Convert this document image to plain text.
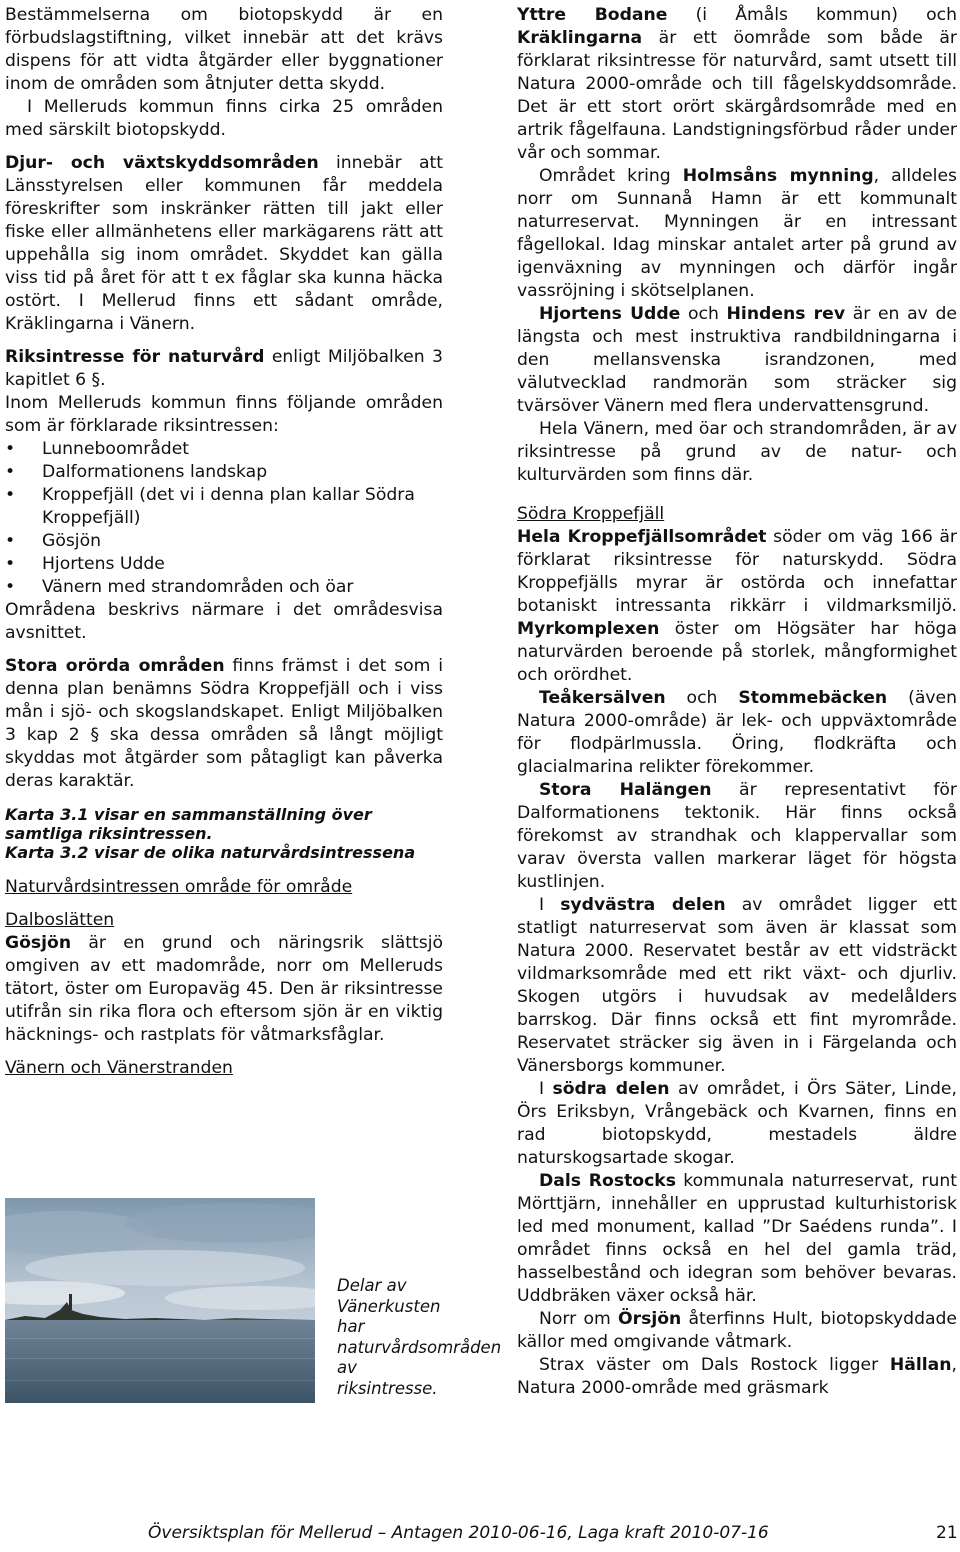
Bestämmelserna om biotopskydd är en förbudslagstiftning, vilket innebär att det krävs dispens för att vidta åtgärder eller byggnationer inom de områden som åtnjuter detta skydd.

I Melleruds kommun finns cirka 25 områden med särskilt biotopskydd.

Djur- och växtskyddsområden innebär att Länsstyrelsen eller kommunen får meddela föreskrifter som inskränker rätten till jakt eller fiske eller allmänhetens eller markägarens rätt att uppehålla sig inom området. Skyddet kan gälla viss tid på året för att t ex fåglar ska kunna häcka ostört. I Mellerud finns ett sådant område, Kräklingarna i Vänern.

Riksintresse för naturvård enligt Miljöbalken 3 kapitlet 6 §.

Inom Melleruds kommun finns följande områden som är förklarade riksintressen:

• Lunneboområdet
• Dalformationens landskap
• Kroppefjäll (det vi i denna plan kallar Södra Kroppefjäll)
• Gösjön
• Hjortens Udde
• Vänern med strandområden och öar

Områdena beskrivs närmare i det områdesvisa avsnittet.

Stora orörda områden finns främst i det som i denna plan benämns Södra Kroppefjäll och i viss mån i sjö- och skogslandskapet. Enligt Miljöbalken 3 kap 2 § ska dessa områden så långt möjligt skyddas mot åtgärder som påtagligt kan påverka deras karaktär.

Karta 3.1 visar en sammanställning över samtliga riksintressen.
Karta 3.2 visar de olika naturvårdsintressena

Naturvårdsintressen område för område

Dalboslätten

Gösjön är en grund och näringsrik slättsjö omgiven av ett madområde, norr om Melleruds tätort, öster om Europaväg 45. Den är riksintresse utifrån sin rika flora och eftersom sjön är en viktig häcknings- och rastplats för våtmarksfåglar.

Vänern och Vänerstranden

Delar av Vänerkusten har naturvårdsområden av riksintresse.

Yttre Bodane (i Åmåls kommun) och Kräklingarna är ett öområde som både är förklarat riksintresse för naturvård, samt utsett till Natura 2000-område och till fågelskyddsområde. Det är ett stort orört skärgårdsområde med en artrik fågelfauna. Landstigningsförbud råder under vår och sommar.

Området kring Holmsåns mynning, alldeles norr om Sunnanå Hamn är ett kommunalt naturreservat. Mynningen är en intressant fågellokal. Idag minskar antalet arter på grund av igenväxning av mynningen och därför ingår vassröjning i skötselplanen.

Hjortens Udde och Hindens rev är en av de längsta och mest instruktiva randbildningarna i den mellansvenska israndzonen, med välutvecklad randmorän som sträcker sig tvärsöver Vänern med flera undervattensgrund.

Hela Vänern, med öar och strandområden, är av riksintresse på grund av de natur- och kulturvärden som finns där.

Södra Kroppefjäll

Hela Kroppefjällsområdet söder om väg 166 är förklarat riksintresse för naturskydd. Södra Kroppefjälls myrar är ostörda och innefattar botaniskt intressanta rikkärr i vildmarksmiljö. Myrkomplexen öster om Högsäter har höga naturvärden beroende på storlek, mångformighet och orördhet.

Teåkersälven och Stommebäcken (även Natura 2000-område) är lek- och uppväxtområde för flodpärlmussla. Öring, flodkräfta och glacialmarina relikter förekommer.

Stora Halängen är representativt för Dalformationens tektonik. Här finns också förekomst av strandhak och klappervallar som varav översta vallen markerar läget för högsta kustlinjen.

I sydvästra delen av området ligger ett statligt naturreservat som även är klassat som Natura 2000. Reservatet består av ett vidsträckt vildmarksområde med ett rikt växt- och djurliv. Skogen utgörs i huvudsak av medelålders barrskog. Där finns också ett fint myrområde. Reservatet sträcker sig även in i Färgelanda och Vänersborgs kommuner.

I södra delen av området, i Örs Säter, Linde, Örs Eriksbyn, Vrångebäck och Kvarnen, finns en rad biotopskydd, mestadels äldre naturskogsartade skogar.

Dals Rostocks kommunala naturreservat, runt Mörttjärn, innehåller en upprustad kulturhistorisk led med monument, kallad ”Dr Saédens runda”. I området finns också en hel del gamla träd, hasselbestånd och idegran som behöver bevaras. Uddbräken växer också här.

Norr om Örsjön återfinns Hult, biotopskyddade källor med omgivande våtmark.

Strax väster om Dals Rostock ligger Hällan, Natura 2000-område med gräsmark

Översiktsplan för Mellerud – Antagen 2010-06-16, Laga kraft 2010-07-16	21
